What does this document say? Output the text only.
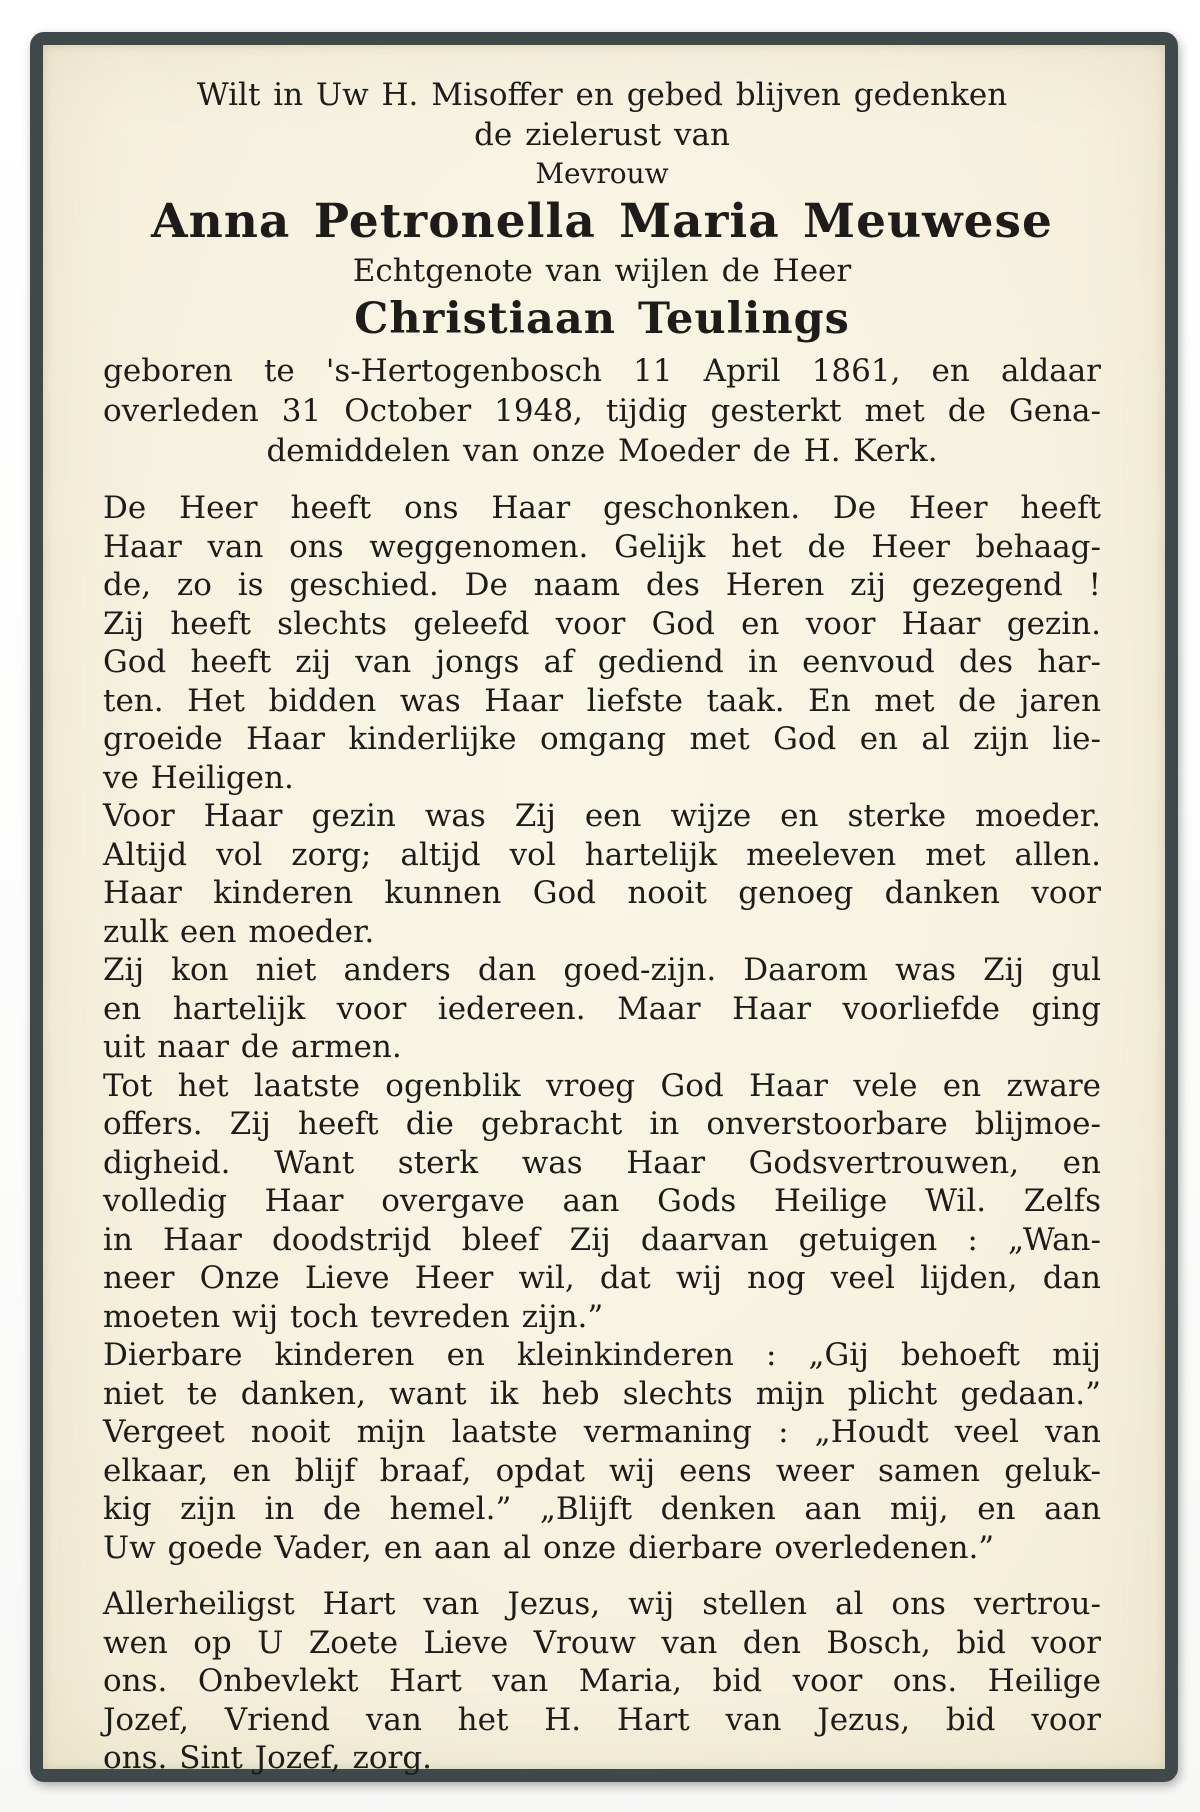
Wilt in Uw H. Misoffer en gebed blijven gedenken
de zielerust van
Mevrouw
Anna Petronella Maria Meuwese
Echtgenote van wijlen de Heer
Christiaan Teulings
geboren te 's-Hertogenbosch 11 April 1861, en aldaar
overleden 31 October 1948, tijdig gesterkt met de Gena-
demiddelen van onze Moeder de H. Kerk.
De Heer heeft ons Haar geschonken. De Heer heeft
Haar van ons weggenomen. Gelijk het de Heer behaag-
de, zo is geschied. De naam des Heren zij gezegend !
Zij heeft slechts geleefd voor God en voor Haar gezin.
God heeft zij van jongs af gediend in eenvoud des har-
ten. Het bidden was Haar liefste taak. En met de jaren
groeide Haar kinderlijke omgang met God en al zijn lie-
ve Heiligen.
Voor Haar gezin was Zij een wijze en sterke moeder.
Altijd vol zorg; altijd vol hartelijk meeleven met allen.
Haar kinderen kunnen God nooit genoeg danken voor
zulk een moeder.
Zij kon niet anders dan goed-zijn. Daarom was Zij gul
en hartelijk voor iedereen. Maar Haar voorliefde ging
uit naar de armen.
Tot het laatste ogenblik vroeg God Haar vele en zware
offers. Zij heeft die gebracht in onverstoorbare blijmoe-
digheid. Want sterk was Haar Godsvertrouwen, en
volledig Haar overgave aan Gods Heilige Wil. Zelfs
in Haar doodstrijd bleef Zij daarvan getuigen : „Wan-
neer Onze Lieve Heer wil, dat wij nog veel lijden, dan
moeten wij toch tevreden zijn.”
Dierbare kinderen en kleinkinderen : „Gij behoeft mij
niet te danken, want ik heb slechts mijn plicht gedaan.”
Vergeet nooit mijn laatste vermaning : „Houdt veel van
elkaar, en blijf braaf, opdat wij eens weer samen geluk-
kig zijn in de hemel.” „Blijft denken aan mij, en aan
Uw goede Vader, en aan al onze dierbare overledenen.”
Allerheiligst Hart van Jezus, wij stellen al ons vertrou-
wen op U Zoete Lieve Vrouw van den Bosch, bid voor
ons. Onbevlekt Hart van Maria, bid voor ons. Heilige
Jozef, Vriend van het H. Hart van Jezus, bid voor
ons. Sint Jozef, zorg.
